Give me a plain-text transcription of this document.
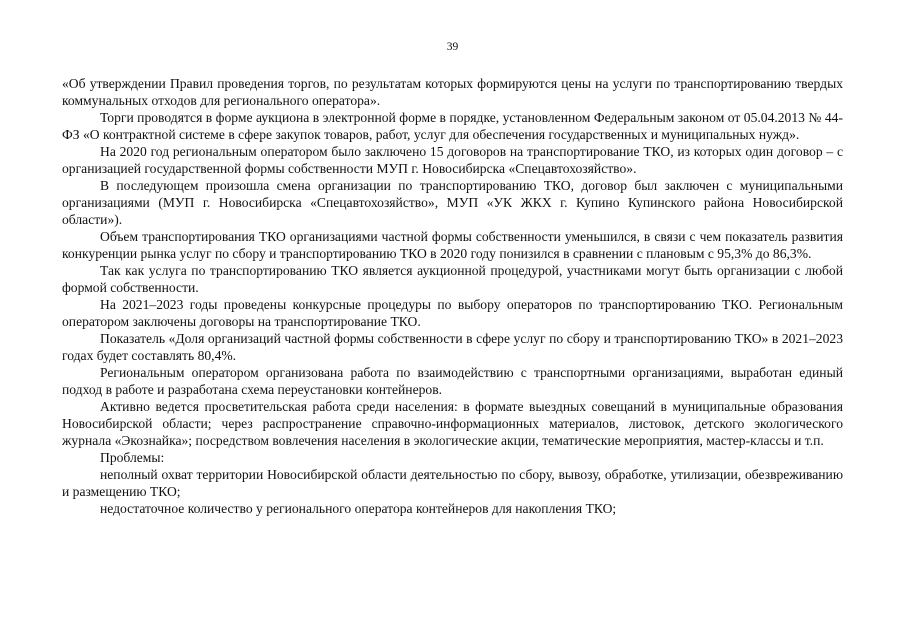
39

«Об утверждении Правил проведения торгов, по результатам которых формируются цены на услуги по транспортированию твердых коммунальных отходов для регионального оператора».

Торги проводятся в форме аукциона в электронной форме в порядке, установленном Федеральным законом от 05.04.2013 № 44-ФЗ «О контрактной системе в сфере закупок товаров, работ, услуг для обеспечения государственных и муниципальных нужд».

На 2020 год региональным оператором было заключено 15 договоров на транспортирование ТКО, из которых один договор – с организацией государственной формы собственности МУП г. Новосибирска «Спецавтохозяйство».

В последующем произошла смена организации по транспортированию ТКО, договор был заключен с муниципальными организациями (МУП г. Новосибирска «Спецавтохозяйство», МУП «УК ЖКХ г. Купино Купинского района Новосибирской области»).

Объем транспортирования ТКО организациями частной формы собственности уменьшился, в связи с чем показатель развития конкуренции рынка услуг по сбору и транспортированию ТКО в 2020 году понизился в сравнении с плановым с 95,3% до 86,3%.

Так как услуга по транспортированию ТКО является аукционной процедурой, участниками могут быть организации с любой формой собственности.

На 2021–2023 годы проведены конкурсные процедуры по выбору операторов по транспортированию ТКО. Региональным оператором заключены договоры на транспортирование ТКО.

Показатель «Доля организаций частной формы собственности в сфере услуг по сбору и транспортированию ТКО» в 2021–2023 годах будет составлять 80,4%.

Региональным оператором организована работа по взаимодействию с транспортными организациями, выработан единый подход в работе и разработана схема переустановки контейнеров.

Активно ведется просветительская работа среди населения: в формате выездных совещаний в муниципальные образования Новосибирской области; через распространение справочно-информационных материалов, листовок, детского экологического журнала «Экознайка»; посредством вовлечения населения в экологические акции, тематические мероприятия, мастер-классы и т.п.

Проблемы:

неполный охват территории Новосибирской области деятельностью по сбору, вывозу, обработке, утилизации, обезвреживанию и размещению ТКО;

недостаточное количество у регионального оператора контейнеров для накопления ТКО;
